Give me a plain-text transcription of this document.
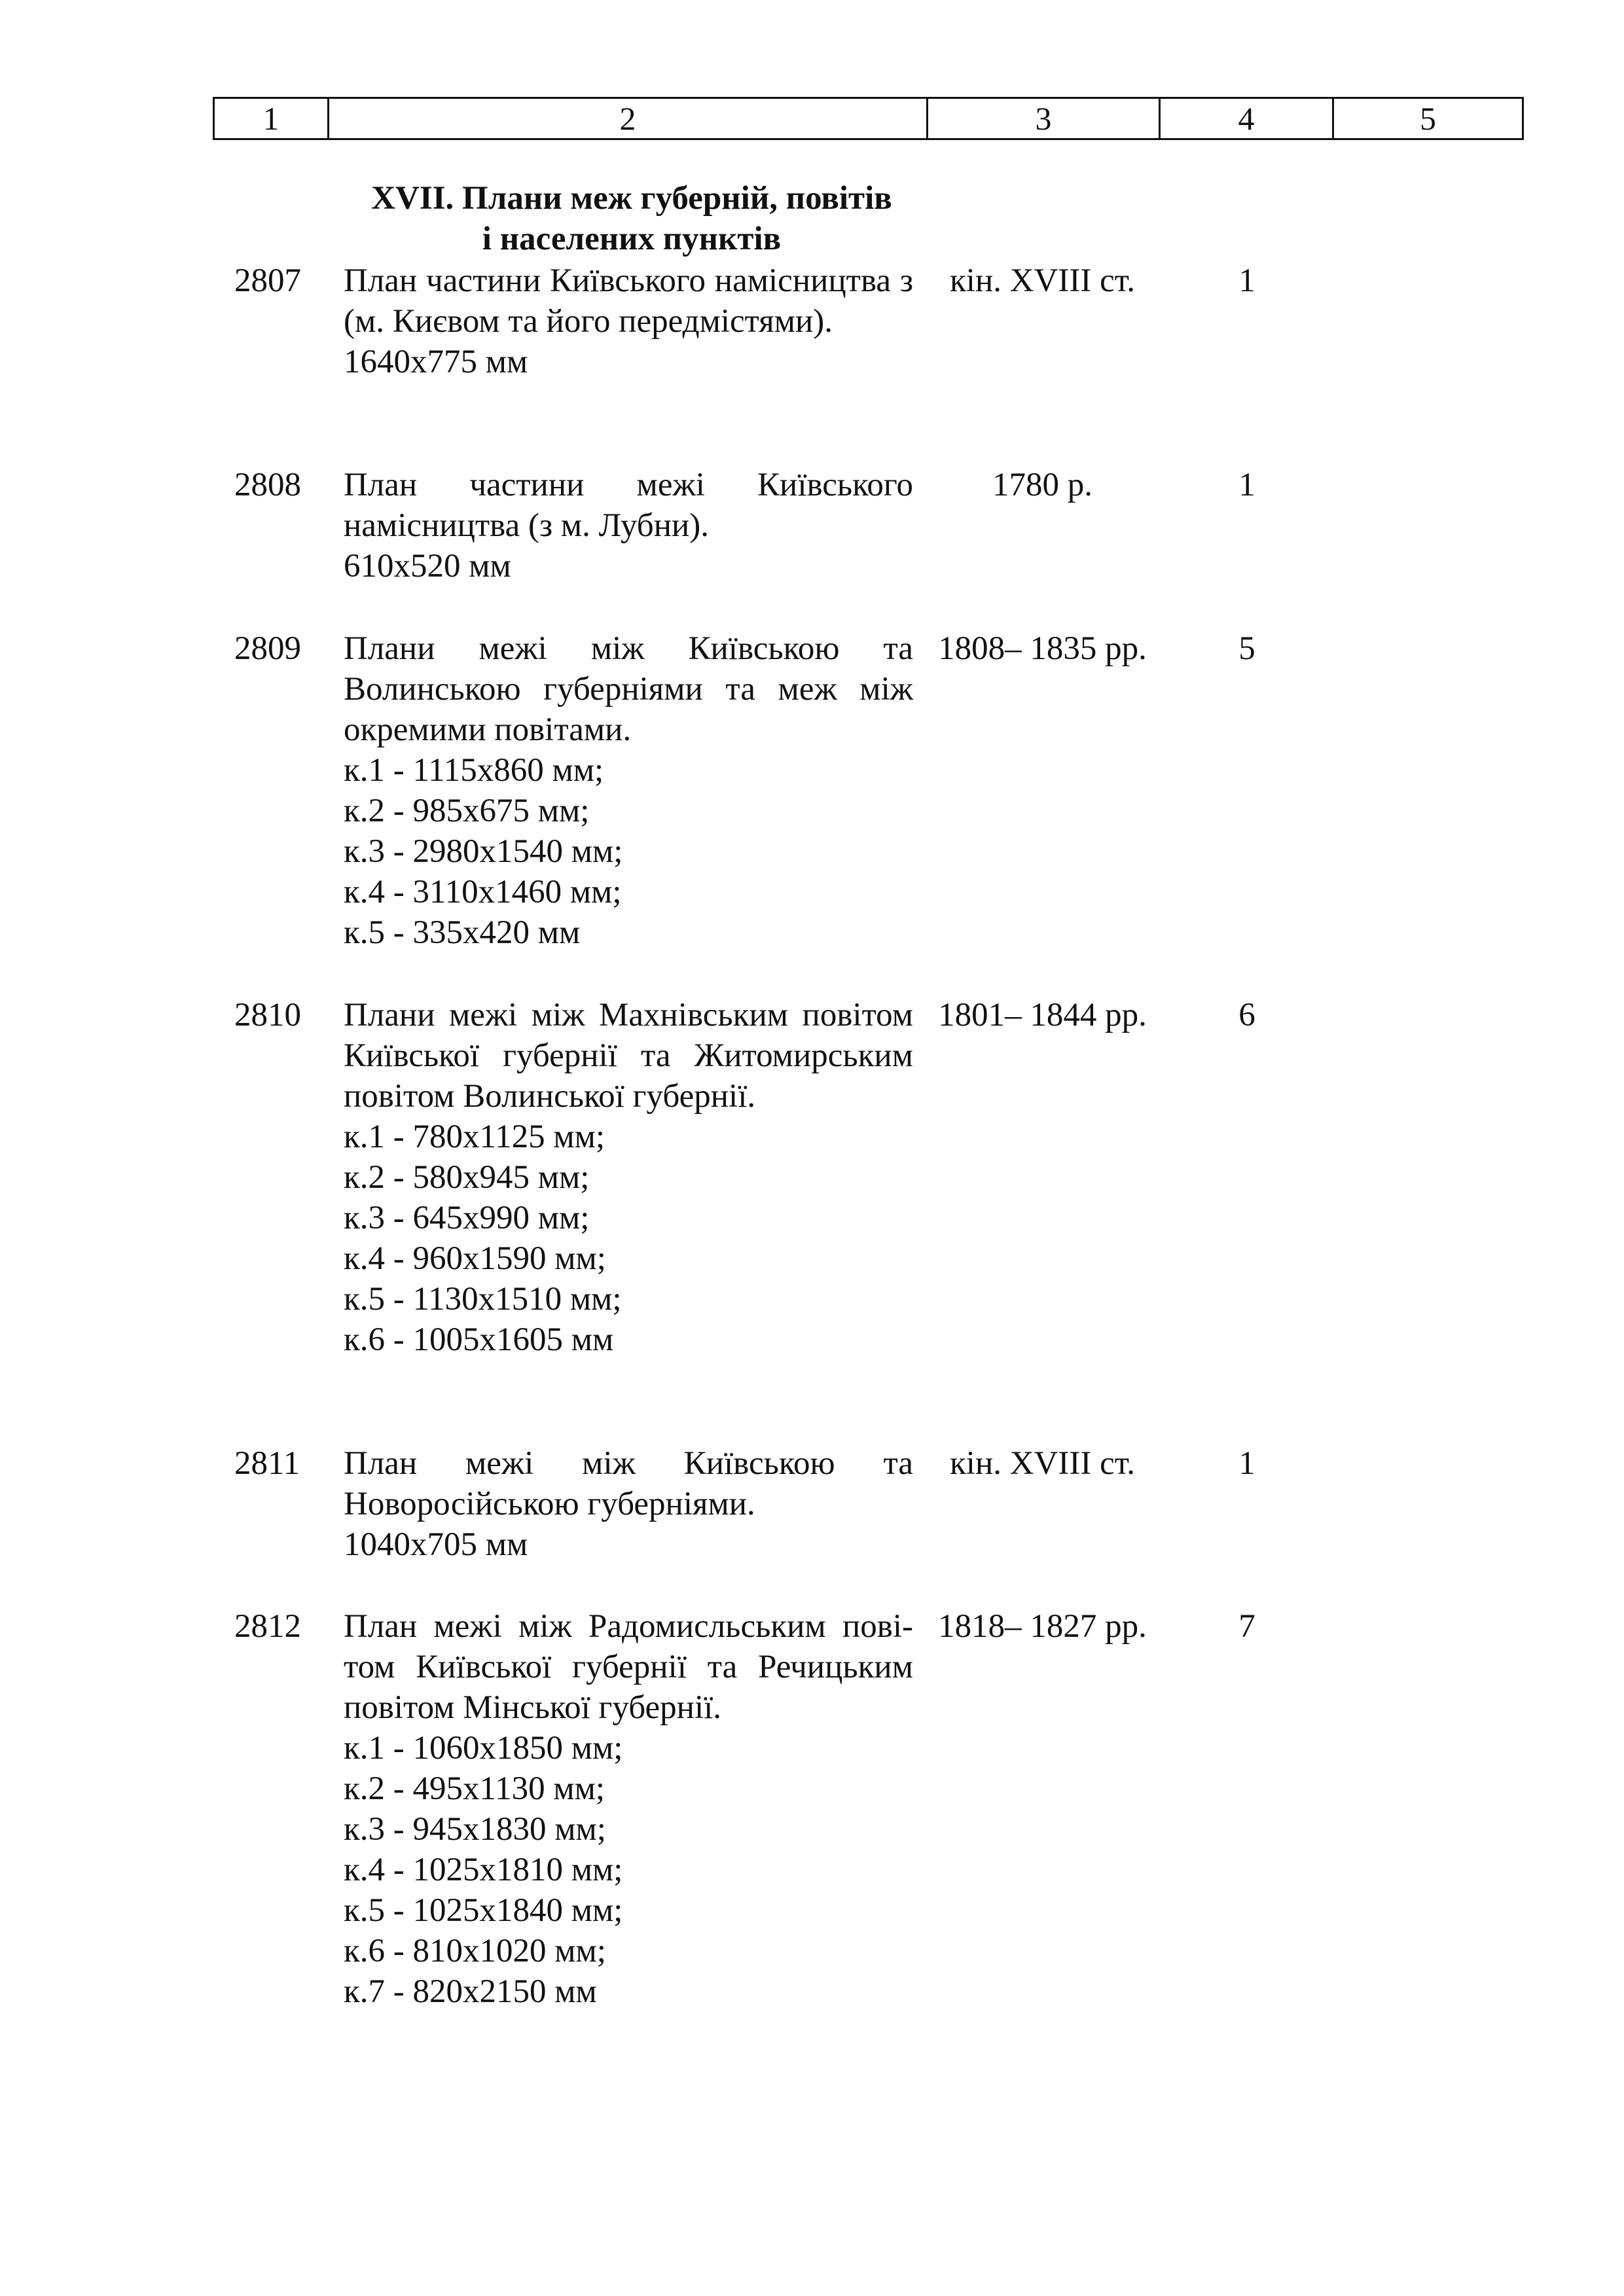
1	2	3	4	5
XVII. Плани меж губерній, повітів
і населених пунктів
2807	План частини Київського намісництва з (м. Києвом та його передмістями).
1640х775 мм
кін. XVIII ст.	1
2808	План частини межі Київського намісництва (з м. Лубни).
610х520 мм
1780 р.	1
2809	Плани межі між Київською та Волинською губерніями та меж між окремими повітами.
к.1 - 1115х860 мм;
к.2 - 985х675 мм;
к.3 - 2980х1540 мм;
к.4 - 3110х1460 мм;
к.5 - 335х420 мм
1808– 1835 рр.	5
2810	Плани межі між Махнівським повітом Київської губернії та Житомирським повітом Волинської губернії.
к.1 - 780х1125 мм;
к.2 - 580х945 мм;
к.3 - 645х990 мм;
к.4 - 960х1590 мм;
к.5 - 1130х1510 мм;
к.6 - 1005х1605 мм
1801– 1844 рр.	6
2811	План межі між Київською та Новоросійською губерніями.
1040х705 мм
кін. XVIII ст.	1
2812	План межі між Радомисльським пові-том Київської губернії та Речицьким повітом Мінської губернії.
к.1 - 1060х1850 мм;
к.2 - 495х1130 мм;
к.3 - 945х1830 мм;
к.4 - 1025х1810 мм;
к.5 - 1025х1840 мм;
к.6 - 810х1020 мм;
к.7 - 820х2150 мм
1818– 1827 рр.	7
